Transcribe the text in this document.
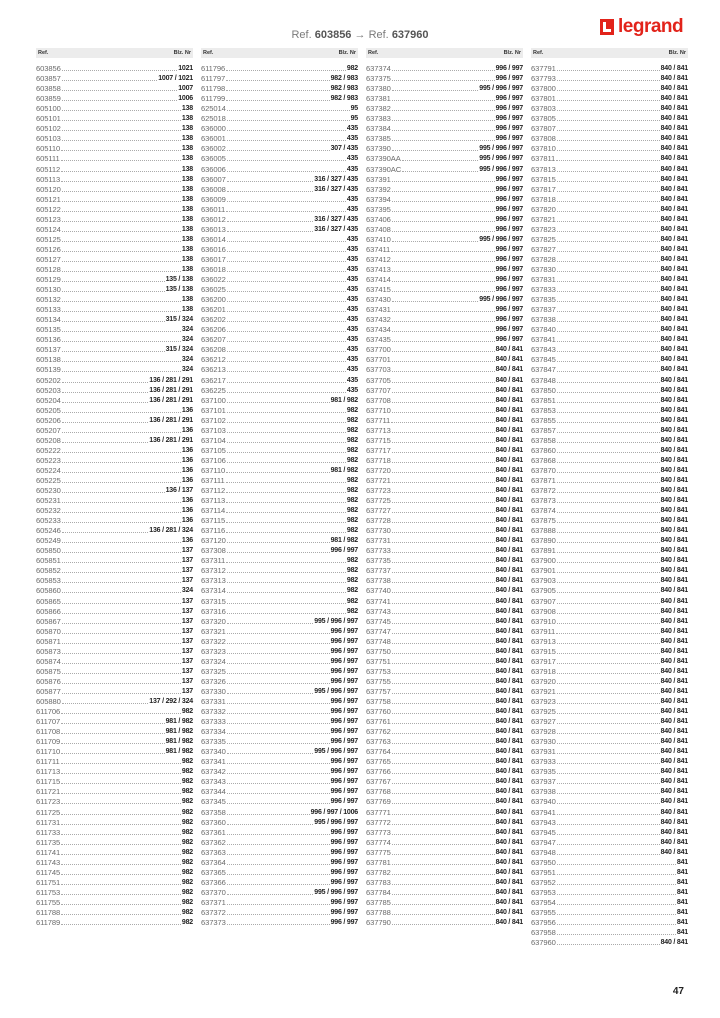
legrand
Ref. 603856 → Ref. 637960
Ref.	Blz. Nr
603856	1021
603857	1007 / 1021
603858	1007
603859	1006
605100	138
605101	138
605102	138
605103	138
605110	138
605111	138
605112	138
605113	138
605120	138
605121	138
605122	138
605123	138
605124	138
605125	138
605126	138
605127	138
605128	138
605129	135 / 138
605130	135 / 138
605132	138
605133	138
605134	315 / 324
605135	324
605136	324
605137	315 / 324
605138	324
605139	324
605202	136 / 281 / 291
605203	136 / 281 / 291
605204	136 / 281 / 291
605205	136
605206	136 / 281 / 291
605207	136
605208	136 / 281 / 291
605222	136
605223	136
605224	136
605225	136
605230	136 / 137
605231	136
605232	136
605233	136
605246	136 / 281 / 324
605249	136
605850	137
605851	137
605852	137
605853	137
605860	324
605865	137
605866	137
605867	137
605870	137
605871	137
605873	137
605874	137
605875	137
605876	137
605877	137
605880	137 / 292 / 324
611706	982
611707	981 / 982
611708	981 / 982
611709	981 / 982
611710	981 / 982
611711	982
611713	982
611715	982
611721	982
611723	982
611725	982
611731	982
611733	982
611735	982
611741	982
611743	982
611745	982
611751	982
611753	982
611755	982
611788	982
611789	982
Ref.	Blz. Nr
611796	982
611797	982 / 983
611798	982 / 983
611799	982 / 983
625014	95
625018	95
636000	435
636001	435
636002	307 / 435
636005	435
636006	435
636007	316 / 327 / 435
636008	316 / 327 / 435
636009	435
636011	435
636012	316 / 327 / 435
636013	316 / 327 / 435
636014	435
636016	435
636017	435
636018	435
636022	435
636025	435
636200	435
636201	435
636202	435
636206	435
636207	435
636208	435
636212	435
636213	435
636217	435
636225	435
637100	981 / 982
637101	982
637102	982
637103	982
637104	982
637105	982
637106	982
637110	981 / 982
637111	982
637112	982
637113	982
637114	982
637115	982
637116	982
637120	981 / 982
637308	996 / 997
637311	982
637312	982
637313	982
637314	982
637315	982
637316	982
637320	995 / 996 / 997
637321	996 / 997
637322	996 / 997
637323	996 / 997
637324	996 / 997
637325	996 / 997
637326	996 / 997
637330	995 / 996 / 997
637331	996 / 997
637332	996 / 997
637333	996 / 997
637334	996 / 997
637335	996 / 997
637340	995 / 996 / 997
637341	996 / 997
637342	996 / 997
637343	996 / 997
637344	996 / 997
637345	996 / 997
637358	996 / 997 / 1006
637360	995 / 996 / 997
637361	996 / 997
637362	996 / 997
637363	996 / 997
637364	996 / 997
637365	996 / 997
637366	996 / 997
637370	995 / 996 / 997
637371	996 / 997
637372	996 / 997
637373	996 / 997
Ref.	Blz. Nr
637374	996 / 997
637375	996 / 997
637380	995 / 996 / 997
637381	996 / 997
637382	996 / 997
637383	996 / 997
637384	996 / 997
637385	996 / 997
637390	995 / 996 / 997
637390AA	995 / 996 / 997
637390AC	995 / 996 / 997
637391	996 / 997
637392	996 / 997
637394	996 / 997
637395	996 / 997
637406	996 / 997
637408	996 / 997
637410	995 / 996 / 997
637411	996 / 997
637412	996 / 997
637413	996 / 997
637414	996 / 997
637415	996 / 997
637430	995 / 996 / 997
637431	996 / 997
637432	996 / 997
637434	996 / 997
637435	996 / 997
637700	840 / 841
637701	840 / 841
637703	840 / 841
637705	840 / 841
637707	840 / 841
637708	840 / 841
637710	840 / 841
637711	840 / 841
637713	840 / 841
637715	840 / 841
637717	840 / 841
637718	840 / 841
637720	840 / 841
637721	840 / 841
637723	840 / 841
637725	840 / 841
637727	840 / 841
637728	840 / 841
637730	840 / 841
637731	840 / 841
637733	840 / 841
637735	840 / 841
637737	840 / 841
637738	840 / 841
637740	840 / 841
637741	840 / 841
637743	840 / 841
637745	840 / 841
637747	840 / 841
637748	840 / 841
637750	840 / 841
637751	840 / 841
637753	840 / 841
637755	840 / 841
637757	840 / 841
637758	840 / 841
637760	840 / 841
637761	840 / 841
637762	840 / 841
637763	840 / 841
637764	840 / 841
637765	840 / 841
637766	840 / 841
637767	840 / 841
637768	840 / 841
637769	840 / 841
637771	840 / 841
637772	840 / 841
637773	840 / 841
637774	840 / 841
637775	840 / 841
637781	840 / 841
637782	840 / 841
637783	840 / 841
637784	840 / 841
637785	840 / 841
637788	840 / 841
637790	840 / 841
Ref.	Blz. Nr
637791	840 / 841
637793	840 / 841
637800	840 / 841
637801	840 / 841
637803	840 / 841
637805	840 / 841
637807	840 / 841
637808	840 / 841
637810	840 / 841
637811	840 / 841
637813	840 / 841
637815	840 / 841
637817	840 / 841
637818	840 / 841
637820	840 / 841
637821	840 / 841
637823	840 / 841
637825	840 / 841
637827	840 / 841
637828	840 / 841
637830	840 / 841
637831	840 / 841
637833	840 / 841
637835	840 / 841
637837	840 / 841
637838	840 / 841
637840	840 / 841
637841	840 / 841
637843	840 / 841
637845	840 / 841
637847	840 / 841
637848	840 / 841
637850	840 / 841
637851	840 / 841
637853	840 / 841
637855	840 / 841
637857	840 / 841
637858	840 / 841
637860	840 / 841
637868	840 / 841
637870	840 / 841
637871	840 / 841
637872	840 / 841
637873	840 / 841
637874	840 / 841
637875	840 / 841
637888	840 / 841
637890	840 / 841
637891	840 / 841
637900	840 / 841
637901	840 / 841
637903	840 / 841
637905	840 / 841
637907	840 / 841
637908	840 / 841
637910	840 / 841
637911	840 / 841
637913	840 / 841
637915	840 / 841
637917	840 / 841
637918	840 / 841
637920	840 / 841
637921	840 / 841
637923	840 / 841
637925	840 / 841
637927	840 / 841
637928	840 / 841
637930	840 / 841
637931	840 / 841
637933	840 / 841
637935	840 / 841
637937	840 / 841
637938	840 / 841
637940	840 / 841
637941	840 / 841
637943	840 / 841
637945	840 / 841
637947	840 / 841
637948	840 / 841
637950	841
637951	841
637952	841
637953	841
637954	841
637955	841
637956	841
637958	841
637960	840 / 841
47
